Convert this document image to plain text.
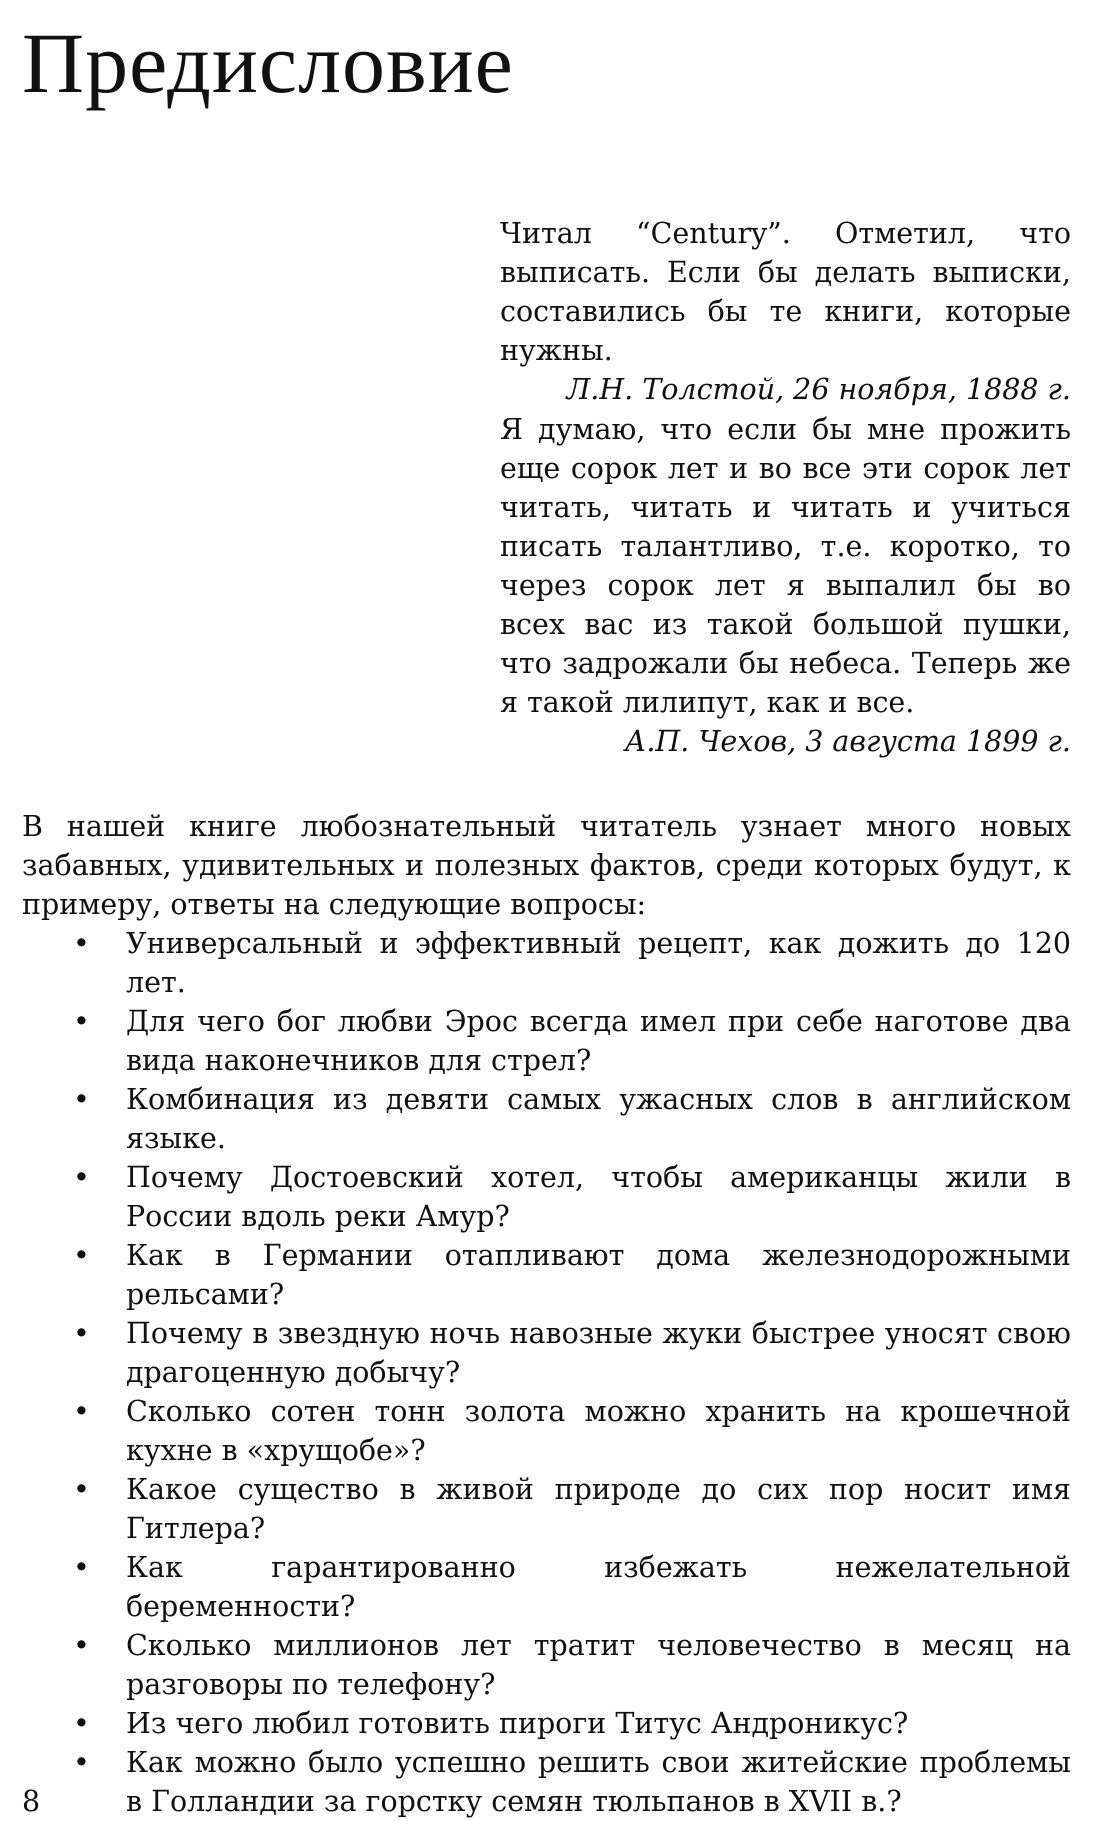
Предисловие

Читал “Century”. Отметил, что выписать. Если бы делать выписки, составились бы те книги, которые нужны.

Л.Н. Толстой, 26 ноября, 1888 г.

Я думаю, что если бы мне прожить еще сорок лет и во все эти сорок лет читать, читать и читать и учиться писать талантливо, т.е. коротко, то через сорок лет я выпалил бы во всех вас из такой большой пушки, что задрожали бы небеса. Теперь же я такой лилипут, как и все.

А.П. Чехов, 3 августа 1899 г.

В нашей книге любознательный читатель узнает много новых забавных, удивительных и полезных фактов, среди которых будут, к примеру, ответы на следующие вопросы:

• Универсальный и эффективный рецепт, как дожить до 120 лет.
• Для чего бог любви Эрос всегда имел при себе наготове два вида наконечников для стрел?
• Комбинация из девяти самых ужасных слов в английском языке.
• Почему Достоевский хотел, чтобы американцы жили в России вдоль реки Амур?
• Как в Германии отапливают дома железнодорожными рельсами?
• Почему в звездную ночь навозные жуки быстрее уносят свою драгоценную добычу?
• Сколько сотен тонн золота можно хранить на крошечной кухне в «хрущобе»?
• Какое существо в живой природе до сих пор носит имя Гитлера?
• Как гарантированно избежать нежелательной беременности?
• Сколько миллионов лет тратит человечество в месяц на разговоры по телефону?
• Из чего любил готовить пироги Титус Андроникус?
• Как можно было успешно решить свои житейские проблемы в Голландии за горстку семян тюльпанов в XVII в.?
8
